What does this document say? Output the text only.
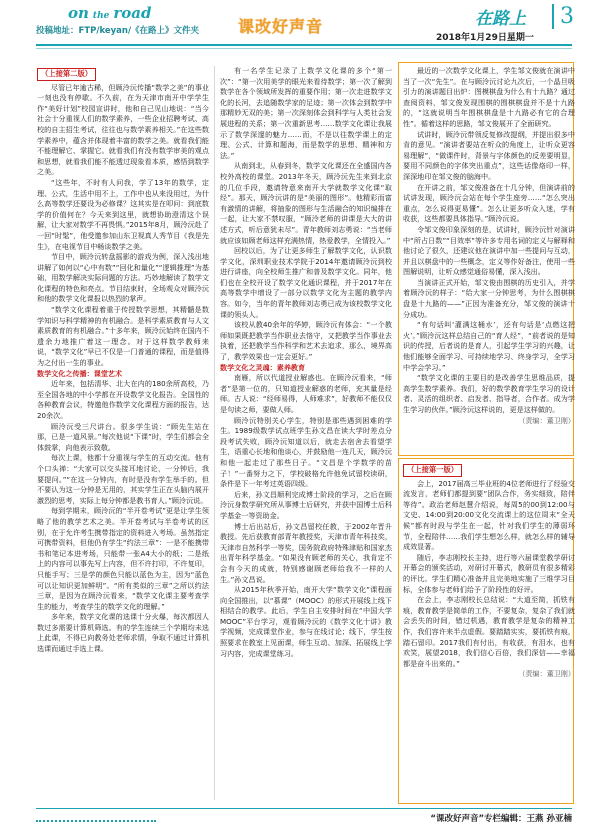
on the road
投稿地址：FTP/keyan/《在路上》文件夹 课改好声音	在路上	3
2018年1月29日星期一

（上接第二版）

尽管已年逾古稀，但顾泠沅传播“数学之美”的事业一刻也没有停歇。不久前，在为天津市南开中学学生作“美好计划”校园宣讲时，他和自己见山地说：“当今社会十分重视人们的数学素养，一些企业招聘考试、高校的自主招生考试，往往也与数学素养相关。”在这些数学素养中，蕴含并体现着丰富的数学之美。就看我们能不能理解它、掌握它。就看我们有没有数学审美的观点和思想，就看我们能不能透过现象看本质，感悟到数学之美。

“这些年，不时有人问我，学了13年的数学，定理、公式，生活中用不上，工作中也从来没用过，为什么高等数学还要设为必修课？这其实是在叩问：到底数学的价值何在？今天来到这里，就想协助澄清这个误解，让大家对数学不再畏惧。”2015年8月，顾泠沅赴了一回“时髦”，他受邀参加山东卫视真人秀节目《我是先生》，在电视节目中畅谈数学之美。

节目中，顾泠沅转盘摇影的游戏为例，深入浅出地讲解了如何以“心中有数”“回化和量化”“逻辑推理”为基础，用数学解决实际问题的方法。巧妙地解读了数学文化课程的特色和亮点。节目结束时，全场观众对顾泠沅和他的数学文化课报以热烈的掌声。

“数学文化课程着重于传授数学思想，其精髓是数学知识与科学精神的有机融合。是科学素质教育与人文素质教育的有机融合。”十多年来，顾泠沅始终在国内不遗余力地推广着这一理念。对于这样数学教师来说，“数学文化”早已不仅是一门普通的课程，而是值得为之付出一生的事业。

数学文化之传播：课堂艺术

近年来，包括清华、北大在内的180余所高校，乃至全国各地的中小学都在开设数学文化报告。全国性的各种教育会议，特邀他作数学文化课程方面的报告，达20余次。

顾泠沅受三尺讲台。很多学生说：“顾先生站在那，已是一道风景。”每次他说“下课”时，学生们都会全体鼓掌，向他表示致敬。

每次上课，他都十分重视与学生的互动交流。他有个口头禅：“大家可以交头接耳地讨论，一分钟后，我要提问。”“在这一分钟内，有时是没有学生举手的。但不要认为这一分钟是无用的，其实学生正在头脑内展开激烈的思考，实际上每分钟都是教书育人。”顾泠沅说。

每到学期末，顾泠沅的“半开卷考试”更是让学生领略了他的教学艺术之美。半开卷考试与半卷考试的区别，在于允许考生携带指定的资料进入考场。虽然指定可携带资料，但他仍有学生“约法三章”：一是不能携带书和笔记本进考场，只能带一张A4大小的纸；二是纸上的内容可以事先写上内容，但不许打印，不许复印，只能手写；三是学的颜色只能以蓝色为主，因为“蓝色可以让知识更加鲜明”。“所有类似的三章”之所以约法三章，是因为在顾泠沅看来，“数学文化课主要考查学生的能力，考查学生的数学文化的理解。”

多年来，数学文化课的选课十分火爆，每次都因人数过多需要计算机筛选。有的学生连续三个学期均未选上此课，不得已向教务处老师求情，争取不通过计算机选课而通过手选上课。

有一名学生记录了上数学文化课的多个“第一次”：“第一次用美学的眼光来看待数学；第一次了解到数学在各个领域所发挥的重要作用；第一次走进数学文化的长河，去追随数学家的足迹；第一次体会到数学中那精妙无双的美；第一次深刻体会到科学与人类社会发展进程的关系；第一次重新思考……数学文化课让我展示了数学深邃的魅力……而，不是以往数学课上的定理、公式、计算和题海，而是数学的思想、精神和方法。”

从南到北，从春到冬，数学文化课还在全盛国内各校外高校的课堂。2013年冬天，顾泠沅先生来到北京的几位手段，邀请特意来南开大学就数学文化课“取经”。那天，顾泠沅讲的是“美丽的图形”。他精彩而富有激情的讲解，将抽象的图形与生活融合的知识编排在一起，让大家不禁叹服，“顾泠老师的讲课是大大的讲述方式，听后意犹未尽”。青年教师刘志勇说：“当老师就应该如顾老师这样充满热情，热爱教学，全情投入。”

回校以后，为了让更多师生了解数学文化，认识数学文化，深圳职业技术学院于2014年邀请顾泠沅到校进行讲座，向全校师生推广和普及数学文化。同年，他们也在全校开设了数学文化通识课程，并于2017年在高等数学中增设了一部分以数学文化为主题的教学内容。如今，当年的青年教师刘志勇已成为该校数学文化课的领头人。

该校从教40余年的华婷，顾泠沅有体会：“一个教师如果既把教学当作职业去恪守，又把教学当作事业去执着，还把教学当作科学和艺术去追求，那么，境界高了，教学效果也一定会更好。”

数学文化之灵魂：素养教育

南雁，所以代道授业解惑也。在顾泠沅看来，“师者”是第一位的，只知道授业解惑的老师，充其量是经师。古人说：“经师易得，人师难求”，好教师不能仅仅是句读之师，要做人师。

顾泠沅特别关心学生，特别是那些遇到困难的学生。1989级数学试点班学生孙文昌在读大学时差点分段考试失败，顾泠沅知道以后，就走去宿舍去看望学生，语重心长地和他谈心，并鼓励他一连几天，顾泠沅和他一起走过了那些日子。“文昌是个学数学的苗子！”一番努力之下，学校破格允许他免试留校读研，条件是下一年考过英语四级。

后来，孙文昌顺利完成博士阶段的学习，之后在顾泠沅身数学研究所从事博士后研究，并获中国博士后科学基金一等资助金。

博士后出站后，孙文昌留校任教，于2002年晋升教授。先后获教育部青年教授奖，天津市青年科技奖，天津市自然科学一等奖，国务院政府特殊津贴和国家杰出青年科学基金。“如果没有顾老师的关心，我肯定不会有今天的成就，特别感谢顾老师给我不一样的人生。”孙文昌说。

从2015年秋季开始，南开大学“数学文化”课程面向全国推出，以“慕课”（MOOC）的形式开展线上线下相结合的教学。此后，学生自主安排时间在“中国大学MOOC”平台学习，观看顾泠沅的《数学文化十讲》教学视频，完成课堂作业，参与在线讨论；线下，学生按照要求在教室上见面课，师生互动、加深、拓展线上学习内容，完成课堂练习。

最近的一次数学文化课上，学生邹文俊就在演讲中当了一次“先生”。在与顾泠沅讨论九次后，一个晶旦吸引力的演讲题目出炉：图模棋盘为什么有十九路？通过查阅资料，邹文俊发现围棋的围棋棋盘并不是十九路的，“这就说明当年围棋棋盘是十九路必有它的合理性”。循着这样的思路，邹文俊展开了全面研究。

试讲时，顾泠沅带领反复修改提纲，并提出很多中肯的意见。“演讲者要站在听众的角度上，让听众更容易理解”，“做课件时，背景与字体颜色的反差要明显，要用不同颜色的字体突出重点”，这些话像烙印一样，深深地印在邹文俊的脑海中。

在开讲之前，邹文俊准备在十几分钟，但演讲前的试讲发现，顾泠沅会站在每个学生座旁……“怎么突出重点，怎么说得更易懂”。怎么让更多听众入迷，学有收获，这些都要具体指导。”顾泠沅说。

令邹文俊印象深刻的是，试讲时，顾泠沅针对演讲中“所占日数”“目效率”等许多专用名词的定义与解释和他讨论了很久，还建议他在演讲中加一些提问与互动，并且以棋盘中的一些概念，定义等作好备注，使用一些图解说明，让听众感觉通俗易懂，深入浅出。

当演讲正式开始，邹文俊由围棋的历史引入，并学着顾泠沅的样子：“给大家一分钟思考，为什么围棋棋盘是十九路的——”正因为准备充分，邹文俊的演讲十分成功。

“有句话叫‘灌满这桶水’，还有句话是‘点燃这把火’。”顾泠沅这样总结自己的“育人经”，“前者说的是知识的传授，后者说的是育人，引起学生学习的兴趣，让他们能够全面学习、可持续地学习、终身学习，全学习中学会学习。”

“数学文化课的主要目的是改善学生思维品质，提高学生数学素养。我们，好的数学教育学生学习的设计者、灵活的组织者、启发者、指导者，合作者。成为学生学习的伙伴。”顾泠沅这样说的，更是这样做的。

（责编：董卫刚）

（上接第一版）

会上，2017届高三毕业班的4位老师进行了经验交流发言，老师们都提到要“团队合作，务实细致，陪伴等待”。政治老师赵慧介绍说，每周5的00到12:00与文史、14:00到20:00文化交流课上的这位周末“全天候”都有时段与学生在一起，针对我们学生的薄弱环节，全程陪伴……我们学生想怎么样，就怎么样的辅导成效显著。

随后，李志刚校长主持，进行等六届课堂教学研讨开幕会的颁奖活动，对研讨开幕式，教研员有很多精彩的评比。学生们精心准备并且完美地实施了三维学习目标，全体参与老师们给予了阶段性的好评。

在会上，李志刚校长总结说：“大道至简，抓铁有痕，教育教学是简单的工作，不要复杂，复杂了我们就会丢失的时间，错过机遇，教育教学是复杂的精神工作，我们容许来半点虚假。要踏踏实实，要抓铁有痕，踏石留印。2017我们有付出，有收获，有泪水，也有欢笑，展望2018，我们信心百倍，我们深信——幸福都是奋斗出来的。”

（责编：董卫刚）

“课改好声音”专栏编辑：王燕 孙亚楠
